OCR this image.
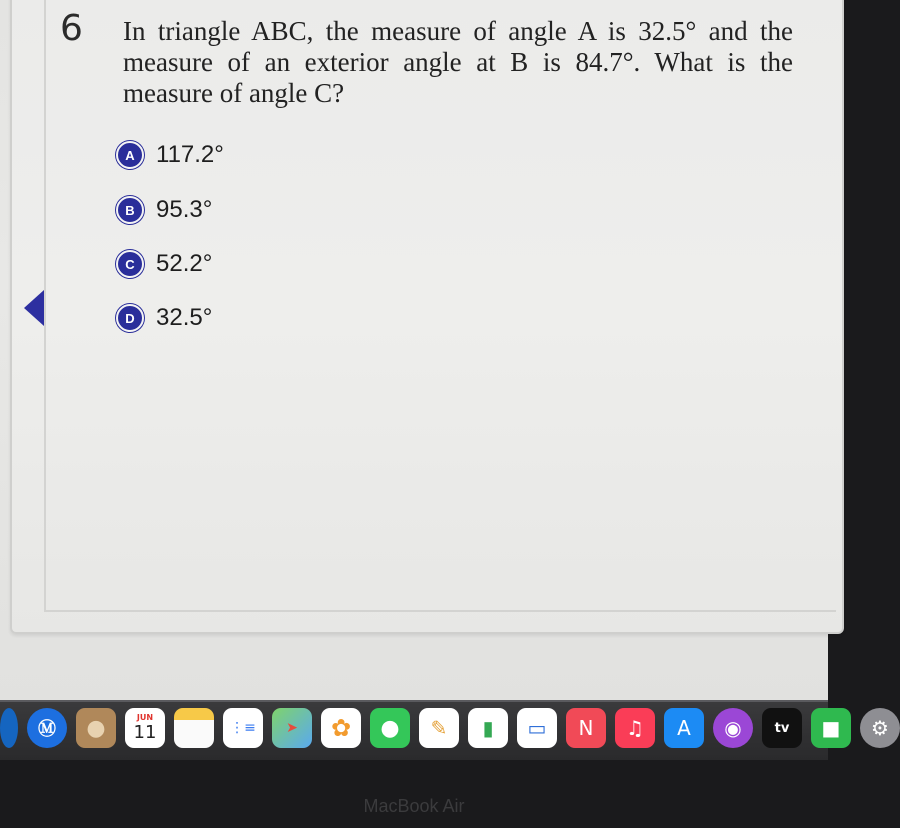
6 In triangle ABC, the measure of angle A is 32.5° and the measure of an exterior angle at B is 84.7°. What is the measure of angle C?
A 117.2°
B 95.3°
C 52.2°
D 32.5°
Ⓜ ●	JUN
11	⋮≡	➤ ✿ ●	✎	▮	▭	N	♫	A	◉	tv	■	⚙
MacBook Air
